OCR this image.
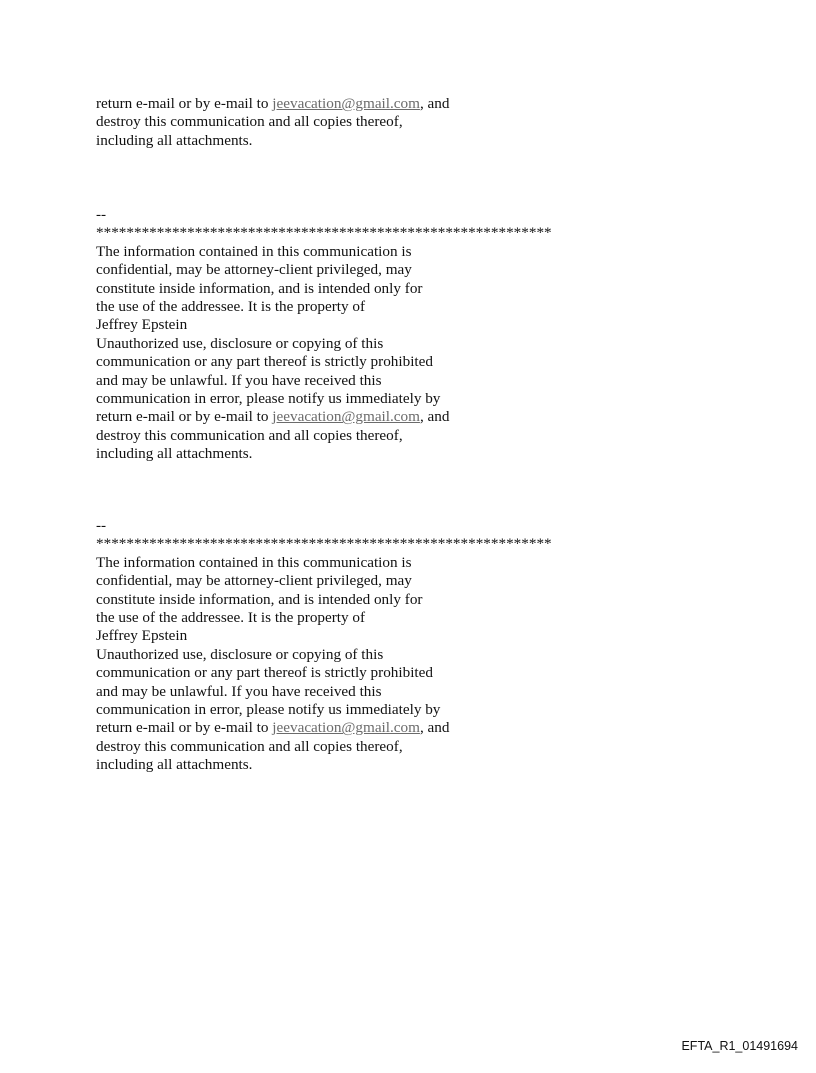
return e-mail or by e-mail to jeevacation@gmail.com, and
destroy this communication and all copies thereof,
including all attachments.
--
************************************************************
The information contained in this communication is
confidential, may be attorney-client privileged, may
constitute inside information, and is intended only for
the use of the addressee. It is the property of
Jeffrey Epstein
Unauthorized use, disclosure or copying of this
communication or any part thereof is strictly prohibited
and may be unlawful. If you have received this
communication in error, please notify us immediately by
return e-mail or by e-mail to jeevacation@gmail.com, and
destroy this communication and all copies thereof,
including all attachments.
--
************************************************************
The information contained in this communication is
confidential, may be attorney-client privileged, may
constitute inside information, and is intended only for
the use of the addressee. It is the property of
Jeffrey Epstein
Unauthorized use, disclosure or copying of this
communication or any part thereof is strictly prohibited
and may be unlawful. If you have received this
communication in error, please notify us immediately by
return e-mail or by e-mail to jeevacation@gmail.com, and
destroy this communication and all copies thereof,
including all attachments.
EFTA_R1_01491694
